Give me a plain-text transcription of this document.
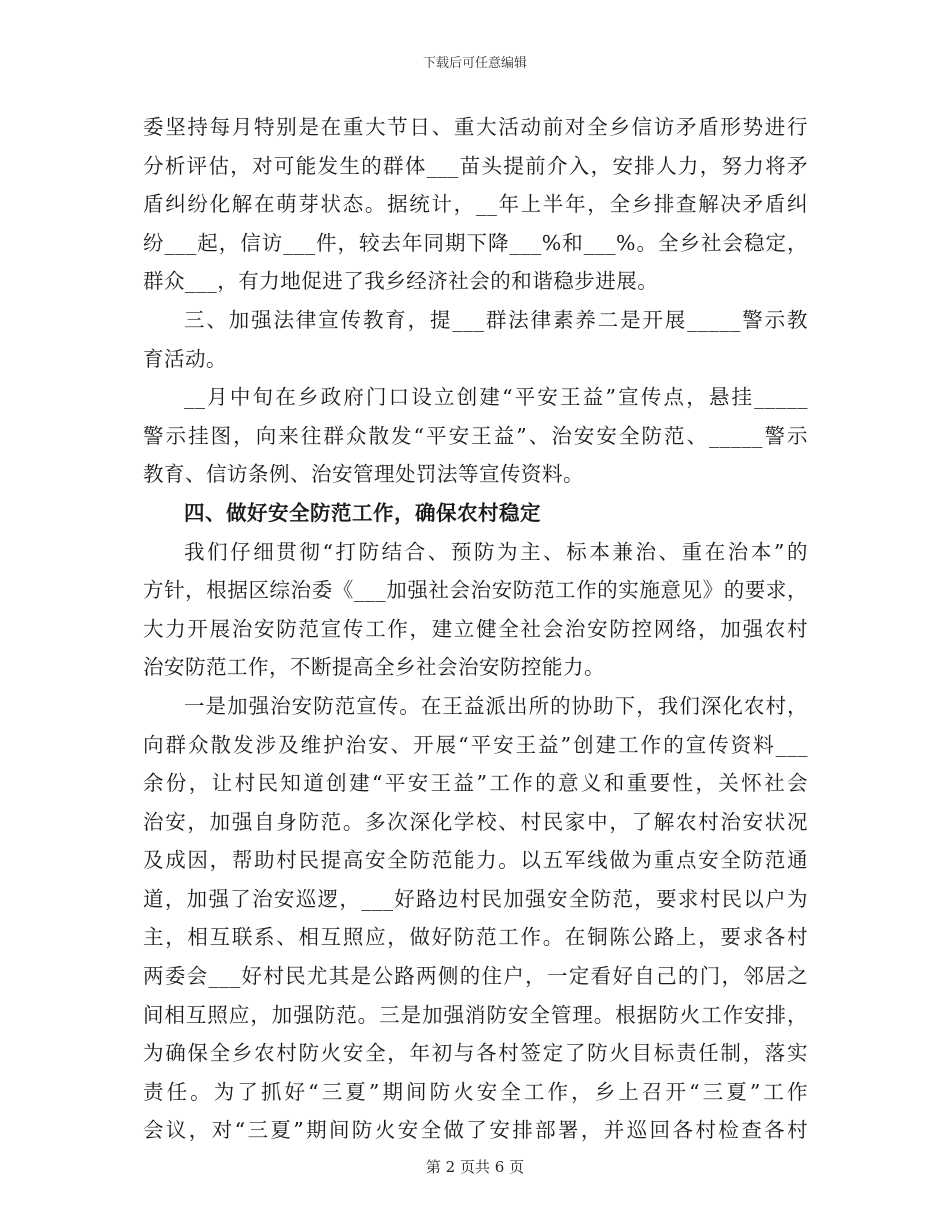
下载后可任意编辑
委坚持每月特别是在重大节日、重大活动前对全乡信访矛盾形势进行
分析评估，对可能发生的群体___苗头提前介入，安排人力，努力将矛
盾纠纷化解在萌芽状态。据统计，__年上半年，全乡排查解决矛盾纠
纷___起，信访___件，较去年同期下降___%和___%。全乡社会稳定，
群众___，有力地促进了我乡经济社会的和谐稳步进展。
三、加强法律宣传教育，提___群法律素养二是开展_____警示教
育活动。
__月中旬在乡政府门口设立创建“平安王益”宣传点，悬挂_____
警示挂图，向来往群众散发“平安王益”、治安安全防范、_____警示
教育、信访条例、治安管理处罚法等宣传资料。
四、做好安全防范工作，确保农村稳定
我们仔细贯彻“打防结合、预防为主、标本兼治、重在治本”的
方针，根据区综治委《___加强社会治安防范工作的实施意见》的要求，
大力开展治安防范宣传工作，建立健全社会治安防控网络，加强农村
治安防范工作，不断提高全乡社会治安防控能力。
一是加强治安防范宣传。在王益派出所的协助下，我们深化农村，
向群众散发涉及维护治安、开展“平安王益”创建工作的宣传资料___
余份，让村民知道创建“平安王益”工作的意义和重要性，关怀社会
治安，加强自身防范。多次深化学校、村民家中，了解农村治安状况
及成因，帮助村民提高安全防范能力。以五军线做为重点安全防范通
道，加强了治安巡逻，___好路边村民加强安全防范，要求村民以户为
主，相互联系、相互照应，做好防范工作。在铜陈公路上，要求各村
两委会___好村民尤其是公路两侧的住户，一定看好自己的门，邻居之
间相互照应，加强防范。三是加强消防安全管理。根据防火工作安排，
为确保全乡农村防火安全，年初与各村签定了防火目标责任制，落实
责任。为了抓好“三夏”期间防火安全工作，乡上召开“三夏”工作
会议，对“三夏”期间防火安全做了安排部署，并巡回各村检查各村
第 2 页共 6 页
